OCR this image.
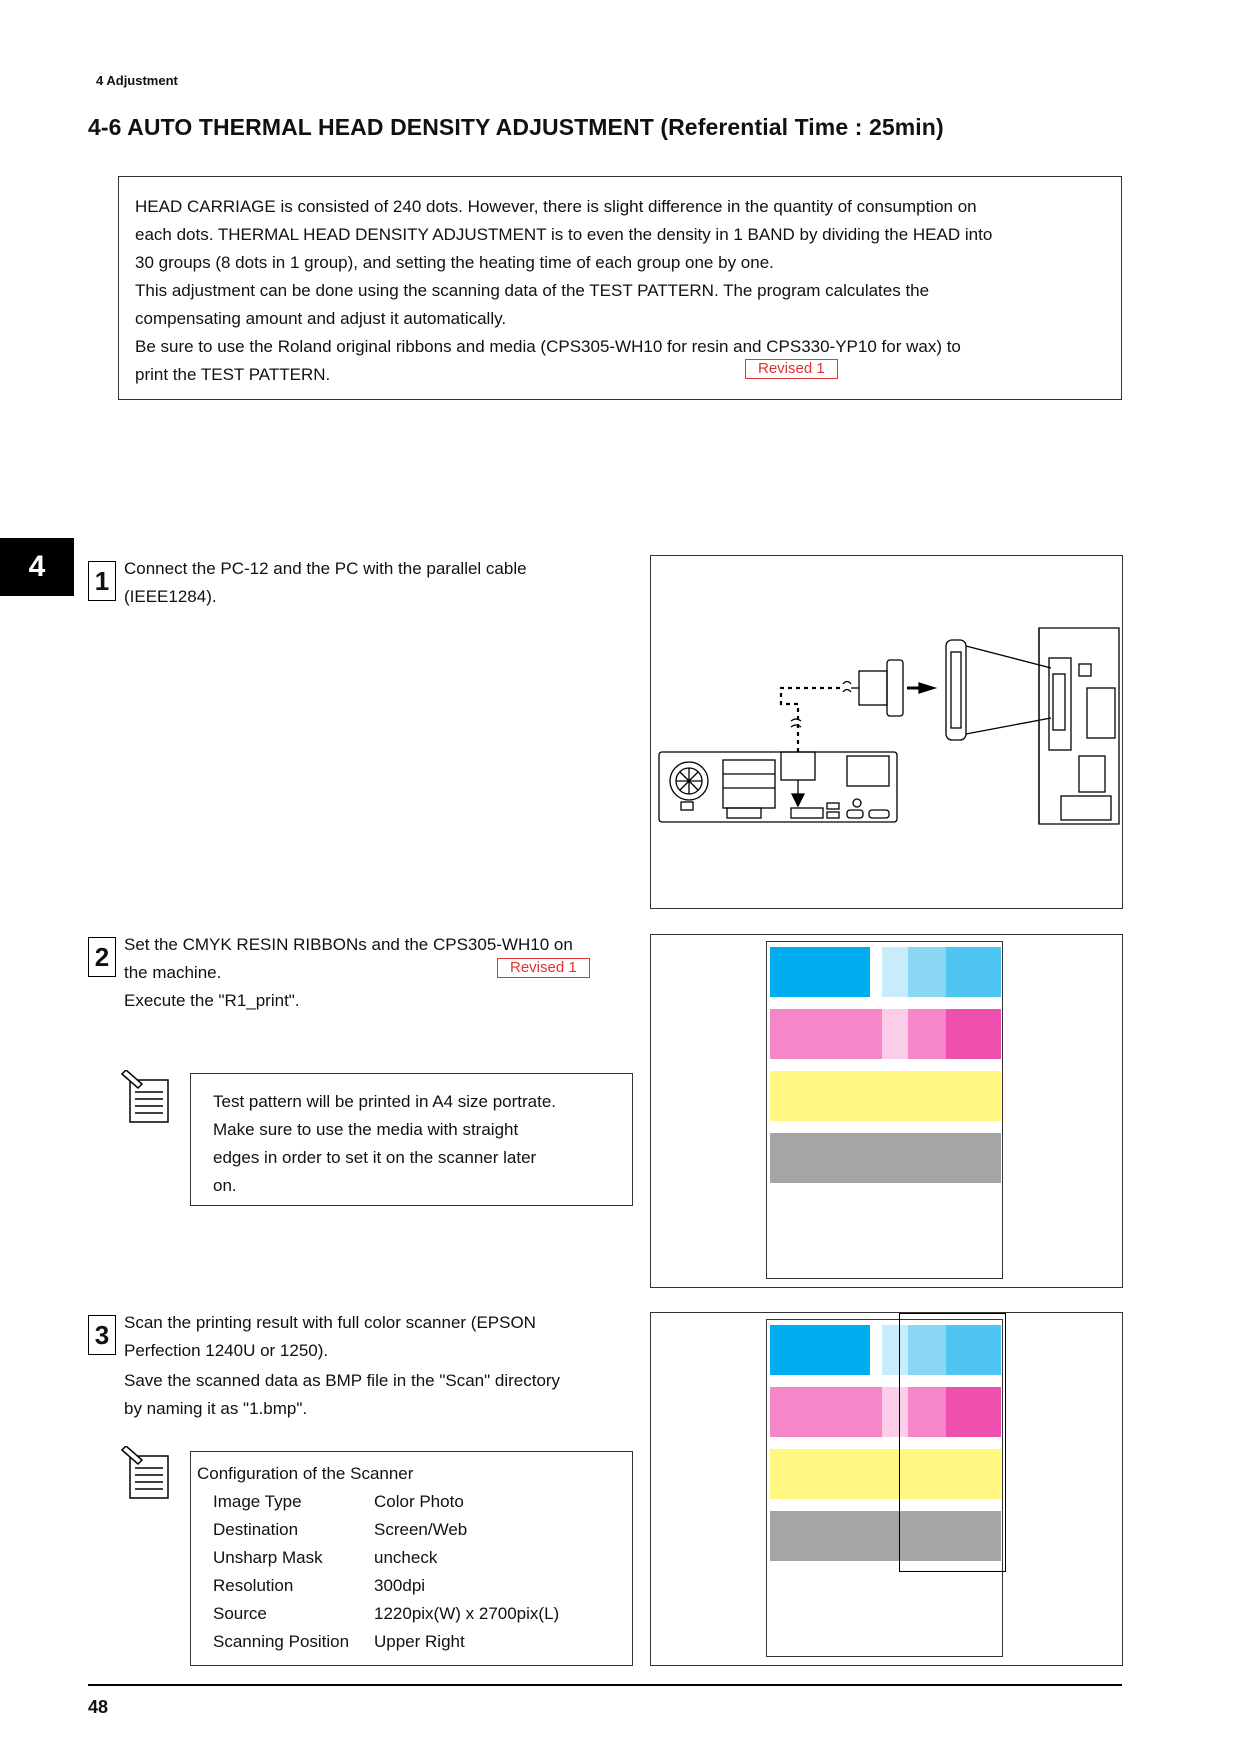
4 Adjustment
4-6 AUTO THERMAL HEAD DENSITY ADJUSTMENT (Referential Time : 25min)
HEAD CARRIAGE is consisted of 240 dots. However, there is slight difference in the quantity of consumption on
each dots. THERMAL HEAD DENSITY ADJUSTMENT is to even the density in 1 BAND by dividing the HEAD into
30 groups (8 dots in 1 group), and setting the heating time of each group one by one.
This adjustment can be done using the scanning data of the TEST PATTERN. The program calculates the
compensating amount and adjust it automatically.
Be sure to use the Roland original ribbons and media (CPS305-WH10 for resin and CPS330-YP10 for wax) to
print the TEST PATTERN.	Revised 1
4	1 Connect the PC-12 and the PC with the parallel cable
(IEEE1284).
2 Set the CMYK RESIN RIBBONs and the CPS305-WH10 on
the machine.
Execute the "R1_print".
Revised 1
Test pattern will be printed in A4 size portrate.
Make sure to use the media with straight
edges in order to set it on the scanner later
on.
3 Scan the printing result with full color scanner (EPSON
Perfection 1240U or 1250).
Save the scanned data as BMP file in the "Scan" directory
by naming it as "1.bmp".
Configuration of the Scanner
Image Type	Color Photo
Destination	Screen/Web
Unsharp Mask	uncheck
Resolution	300dpi
Source	1220pix(W) x 2700pix(L)
Scanning Position Upper Right
48
